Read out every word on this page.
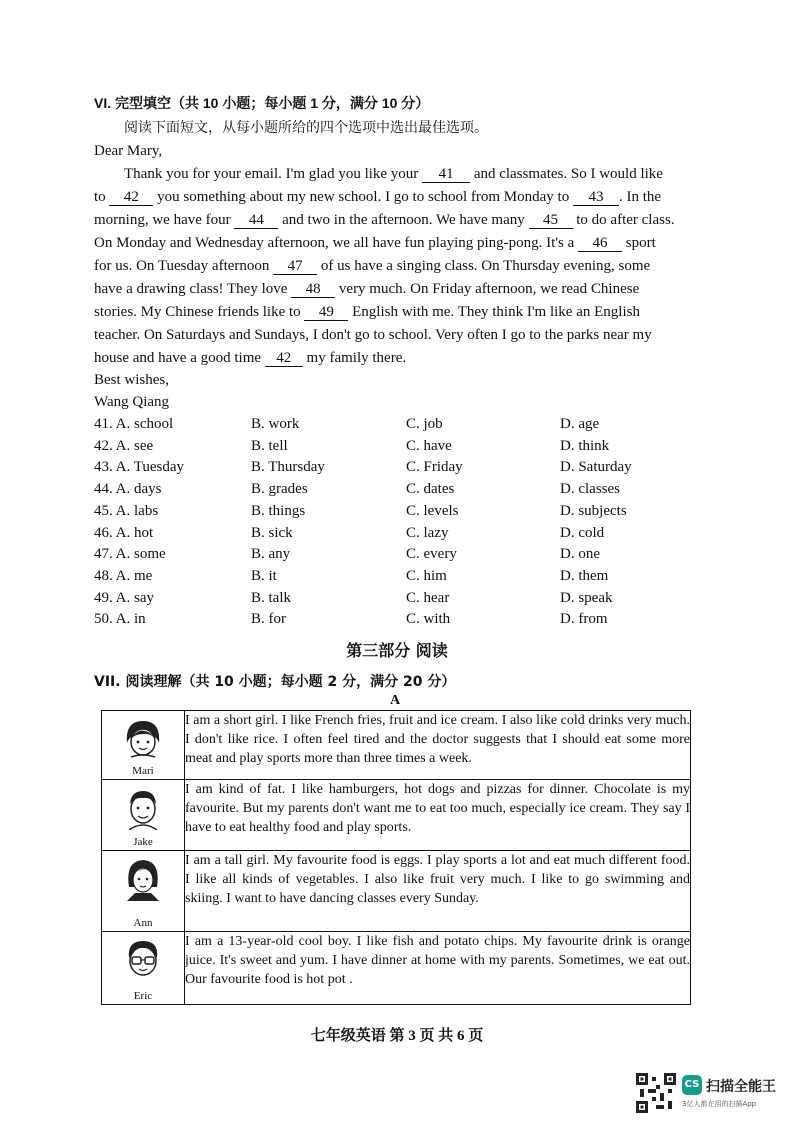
VI. 完型填空（共 10 小题；每小题 1 分，满分 10 分）
阅读下面短文，从每小题所给的四个选项中选出最佳选项。
Dear Mary,
Thank you for your email. I'm glad you like your 41 and classmates. So I would like
to 42 you something about my new school. I go to school from Monday to 43 . In the
morning, we have four 44 and two in the afternoon. We have many 45 to do after class.
On Monday and Wednesday afternoon, we all have fun playing ping-pong. It's a 46 sport
for us. On Tuesday afternoon 47 of us have a singing class. On Thursday evening, some
have a drawing class! They love 48 very much. On Friday afternoon, we read Chinese
stories. My Chinese friends like to 49 English with me. They think I'm like an English
teacher. On Saturdays and Sundays, I don't go to school. Very often I go to the parks near my
house and have a good time 42 my family there.
Best wishes,
Wang Qiang
41. A. school	B. work	C. job	D. age
42. A. see	B. tell	C. have	D. think
43. A. Tuesday	B. Thursday	C. Friday	D. Saturday
44. A. days	B. grades	C. dates	D. classes
45. A. labs	B. things	C. levels	D. subjects
46. A. hot	B. sick	C. lazy	D. cold
47. A. some	B. any	C. every	D. one
48. A. me	B. it	C. him	D. them
49. A. say	B. talk	C. hear	D. speak
50. A. in	B. for	C. with	D. from
第三部分 阅读
VII. 阅读理解（共 10 小题；每小题 2 分，满分 20 分）
A
Mari	I am a short girl. I like French fries, fruit and ice cream. I also like cold drinks very much. I don't like rice. I often feel tired and the doctor suggests that I should eat some more meat and play sports more than three times a week.

Jake	I am kind of fat. I like hamburgers, hot dogs and pizzas for dinner. Chocolate is my favourite. But my parents don't want me to eat too much, especially ice cream. They say I have to eat healthy food and play sports.

Ann	I am a tall girl. My favourite food is eggs. I play sports a lot and eat much different food. I like all kinds of vegetables. I also like fruit very much. I like to go swimming and skiing. I want to have dancing classes every Sunday.

Eric	I am a 13-year-old cool boy. I like fish and potato chips. My favourite drink is orange juice. It's sweet and yum. I have dinner at home with my parents. Sometimes, we eat out. Our favourite food is hot pot .
七年级英语 第 3 页 共 6 页
CS 扫描全能王
3亿人都在用的扫描App
